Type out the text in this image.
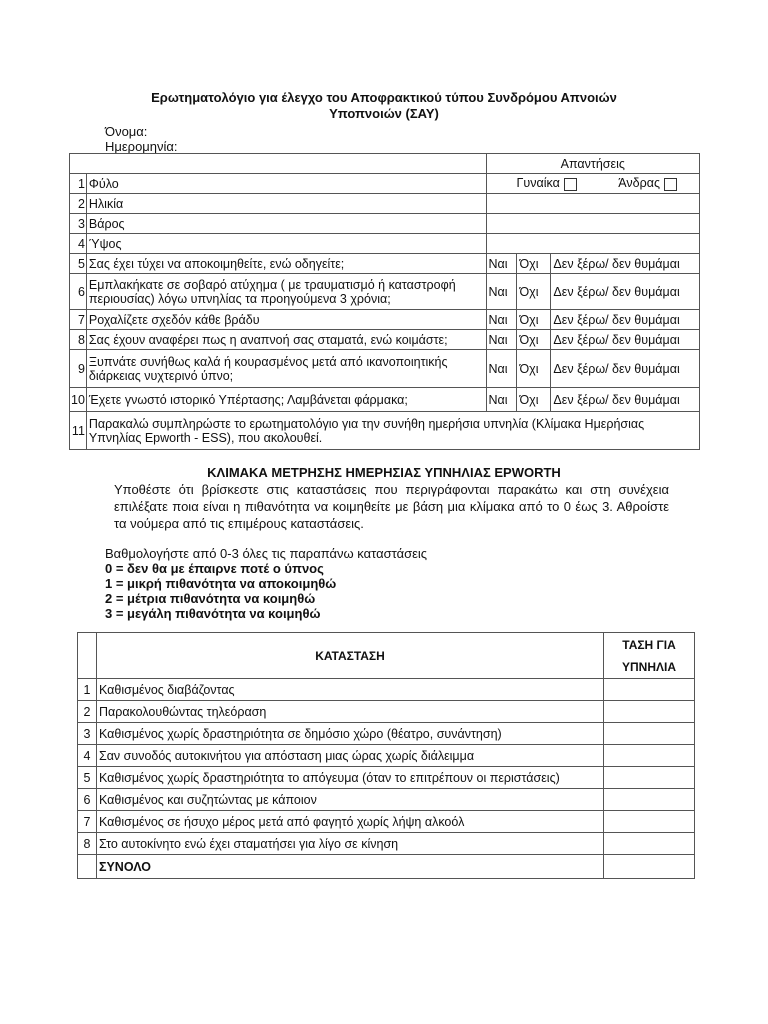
Ερωτηματολόγιο για έλεγχο του Αποφρακτικού τύπου Συνδρόμου Απνοιών
Υποπνοιών (ΣΑΥ)
Όνομα:
Ημερομηνία:
		Απαντήσεις		
1	Φύλο	Γυναίκα Άνδρας		
2	Ηλικία			
3	Βάρος			
4	Ύψος			
5	Σας έχει τύχει να αποκοιμηθείτε, ενώ οδηγείτε;	Ναι	Όχι	Δεν ξέρω/ δεν θυμάμαι
6	Εμπλακήκατε σε σοβαρό ατύχημα ( με τραυματισμό ή καταστροφή περιουσίας) λόγω υπνηλίας τα προηγούμενα 3 χρόνια;	Ναι	Όχι	Δεν ξέρω/ δεν θυμάμαι
7	Ροχαλίζετε σχεδόν κάθε βράδυ	Ναι	Όχι	Δεν ξέρω/ δεν θυμάμαι
8	Σας έχουν αναφέρει πως η αναπνοή σας σταματά, ενώ κοιμάστε;	Ναι	Όχι	Δεν ξέρω/ δεν θυμάμαι
9	Ξυπνάτε συνήθως καλά ή κουρασμένος μετά από ικανοποιητικής διάρκειας νυχτερινό ύπνο;	Ναι	Όχι	Δεν ξέρω/ δεν θυμάμαι
10	Έχετε γνωστό ιστορικό Υπέρτασης; Λαμβάνεται φάρμακα;	Ναι	Όχι	Δεν ξέρω/ δεν θυμάμαι
11	Παρακαλώ συμπληρώστε το ερωτηματολόγιο για την συνήθη ημερήσια υπνηλία (Κλίμακα Ημερήσιας Υπνηλίας Epworth - ESS), που ακολουθεί.			
ΚΛΙΜΑΚΑ ΜΕΤΡΗΣΗΣ ΗΜΕΡΗΣΙΑΣ ΥΠΝΗΛΙΑΣ EPWORTH
Υποθέστε ότι βρίσκεστε στις καταστάσεις που περιγράφονται παρακάτω και στη συνέχεια επιλέξατε ποια είναι η πιθανότητα να κοιμηθείτε με βάση μια κλίμακα από το 0 έως 3. Αθροίστε τα νούμερα από τις επιμέρους καταστάσεις.
Βαθμολογήστε από 0-3 όλες τις παραπάνω καταστάσεις
0 = δεν θα με έπαιρνε ποτέ ο ύπνος
1 = μικρή πιθανότητα να αποκοιμηθώ
2 = μέτρια πιθανότητα να κοιμηθώ
3 = μεγάλη πιθανότητα να κοιμηθώ
	ΚΑΤΑΣΤΑΣΗ	ΤΑΣΗ ΓΙΑ
ΥΠΝΗΛΙΑ

1	Καθισμένος διαβάζοντας	
2	Παρακολουθώντας τηλεόραση	
3	Καθισμένος χωρίς δραστηριότητα σε δημόσιο χώρο (θέατρο, συνάντηση)	
4	Σαν συνοδός αυτοκινήτου για απόσταση μιας ώρας χωρίς διάλειμμα	
5	Καθισμένος χωρίς δραστηριότητα το απόγευμα (όταν το επιτρέπουν οι περιστάσεις)	
6	Καθισμένος και συζητώντας με κάποιον	
7	Καθισμένος σε ήσυχο μέρος μετά από φαγητό χωρίς λήψη αλκοόλ	
8	Στο αυτοκίνητο ενώ έχει σταματήσει για λίγο σε κίνηση	
	ΣΥΝΟΛΟ	
